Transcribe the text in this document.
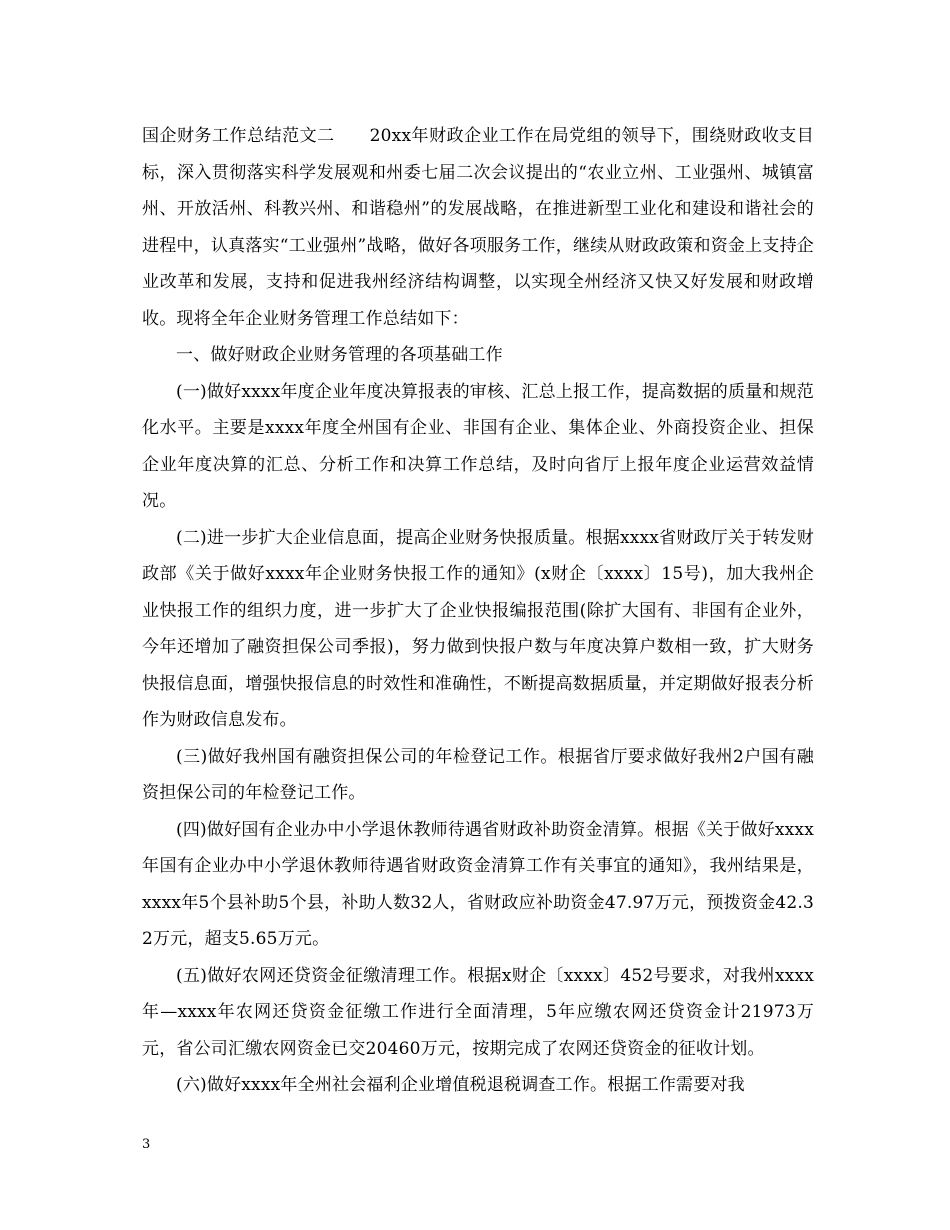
国企财务工作总结范文二　　20xx年财政企业工作在局党组的领导下，围绕财政收支目标，深入贯彻落实科学发展观和州委七届二次会议提出的“农业立州、工业强州、城镇富州、开放活州、科教兴州、和谐稳州”的发展战略，在推进新型工业化和建设和谐社会的进程中，认真落实“工业强州”战略，做好各项服务工作，继续从财政政策和资金上支持企业改革和发展，支持和促进我州经济结构调整，以实现全州经济又快又好发展和财政增收。现将全年企业财务管理工作总结如下：

一、做好财政企业财务管理的各项基础工作

(一)做好xxxx年度企业年度决算报表的审核、汇总上报工作，提高数据的质量和规范化水平。主要是xxxx年度全州国有企业、非国有企业、集体企业、外商投资企业、担保企业年度决算的汇总、分析工作和决算工作总结，及时向省厅上报年度企业运营效益情况。

(二)进一步扩大企业信息面，提高企业财务快报质量。根据xxxx省财政厅关于转发财政部《关于做好xxxx年企业财务快报工作的通知》(x财企〔xxxx〕15号)，加大我州企业快报工作的组织力度，进一步扩大了企业快报编报范围(除扩大国有、非国有企业外，今年还增加了融资担保公司季报)，努力做到快报户数与年度决算户数相一致，扩大财务快报信息面，增强快报信息的时效性和准确性，不断提高数据质量，并定期做好报表分析作为财政信息发布。

(三)做好我州国有融资担保公司的年检登记工作。根据省厅要求做好我州2户国有融资担保公司的年检登记工作。

(四)做好国有企业办中小学退休教师待遇省财政补助资金清算。根据《关于做好xxxx年国有企业办中小学退休教师待遇省财政资金清算工作有关事宜的通知》，我州结果是，xxxx年5个县补助5个县，补助人数32人，省财政应补助资金47.97万元，预拨资金42.32万元，超支5.65万元。

(五)做好农网还贷资金征缴清理工作。根据x财企〔xxxx〕452号要求，对我州xxxx年—xxxx年农网还贷资金征缴工作进行全面清理，5年应缴农网还贷资金计21973万元，省公司汇缴农网资金已交20460万元，按期完成了农网还贷资金的征收计划。

(六)做好xxxx年全州社会福利企业增值税退税调查工作。根据工作需要对我

3
